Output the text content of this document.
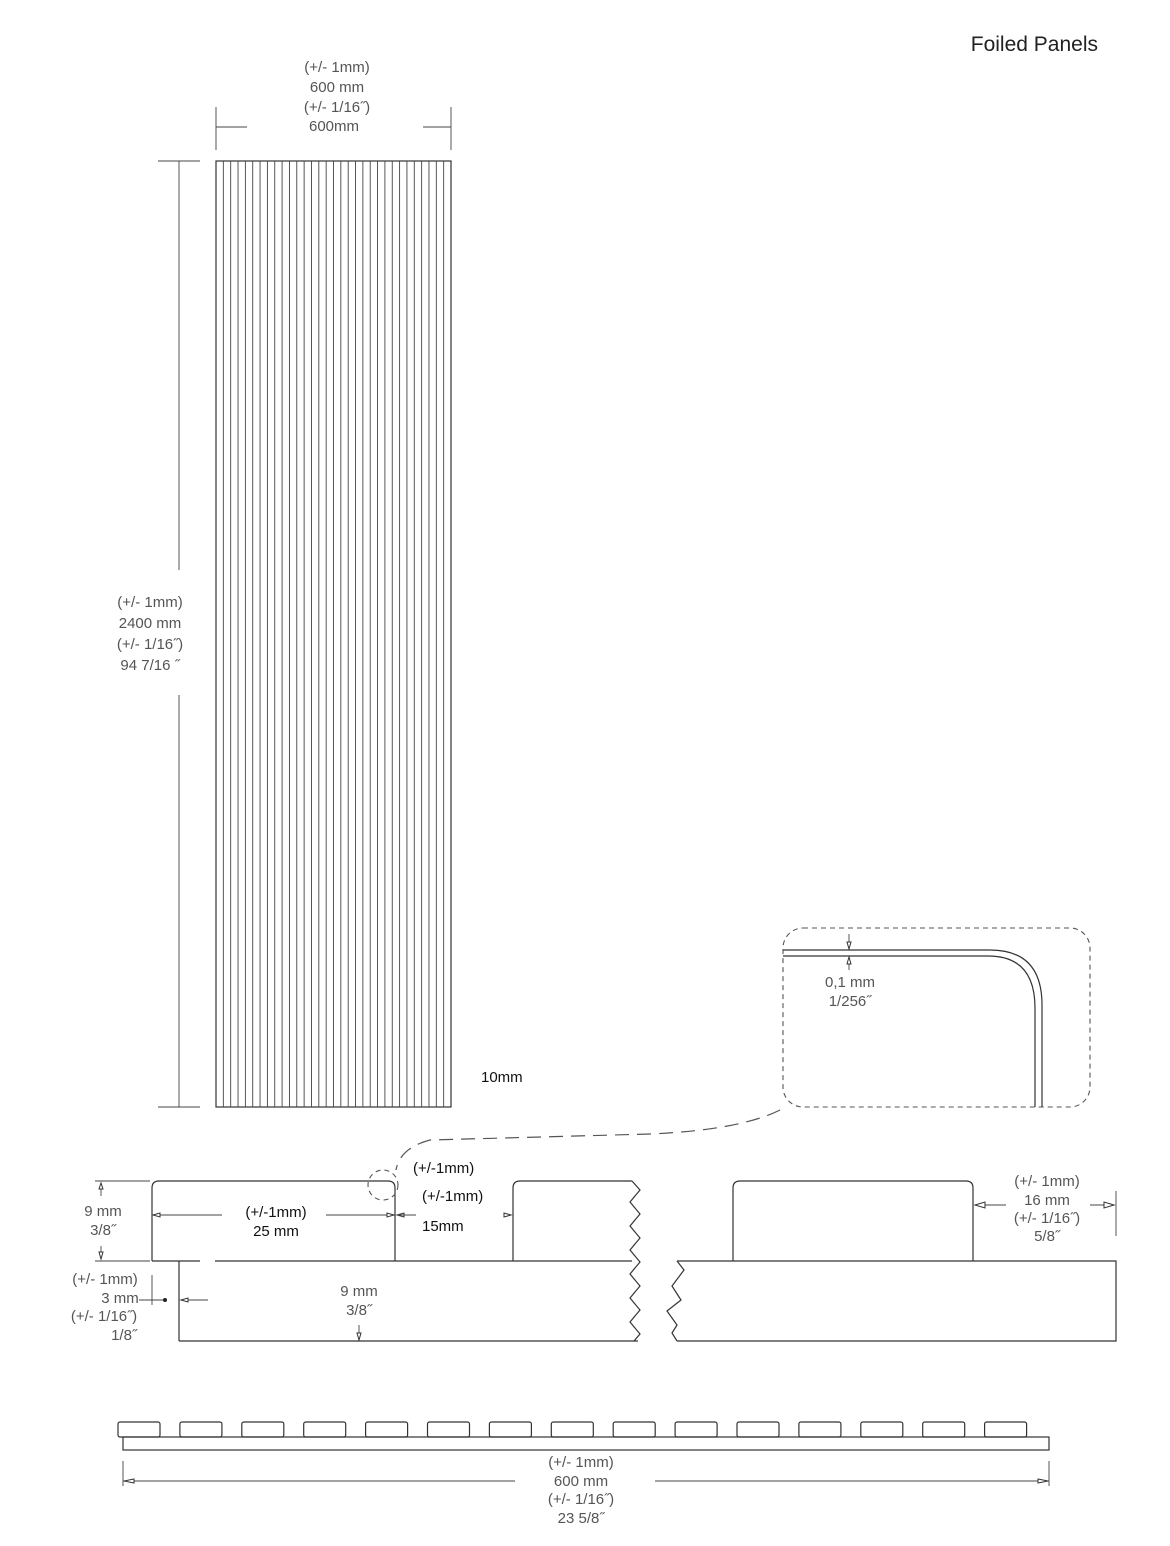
Foiled Panels
(+/- 1mm)
600 mm
(+/- 1/16˝)
600mm
(+/- 1mm)
2400 mm
(+/- 1/16˝)
94 7/16 ˝
10mm
0,1 mm
1/256˝
(+/-1mm)
(+/-1mm)
15mm
(+/-1mm)
25 mm
9 mm
3/8˝
9 mm
3/8˝
(+/- 1mm)
3 mm
(+/- 1/16˝)
1/8˝
(+/- 1mm)
16 mm
(+/- 1/16˝)
5/8˝
(+/- 1mm)
600 mm
(+/- 1/16˝)
23 5/8˝
